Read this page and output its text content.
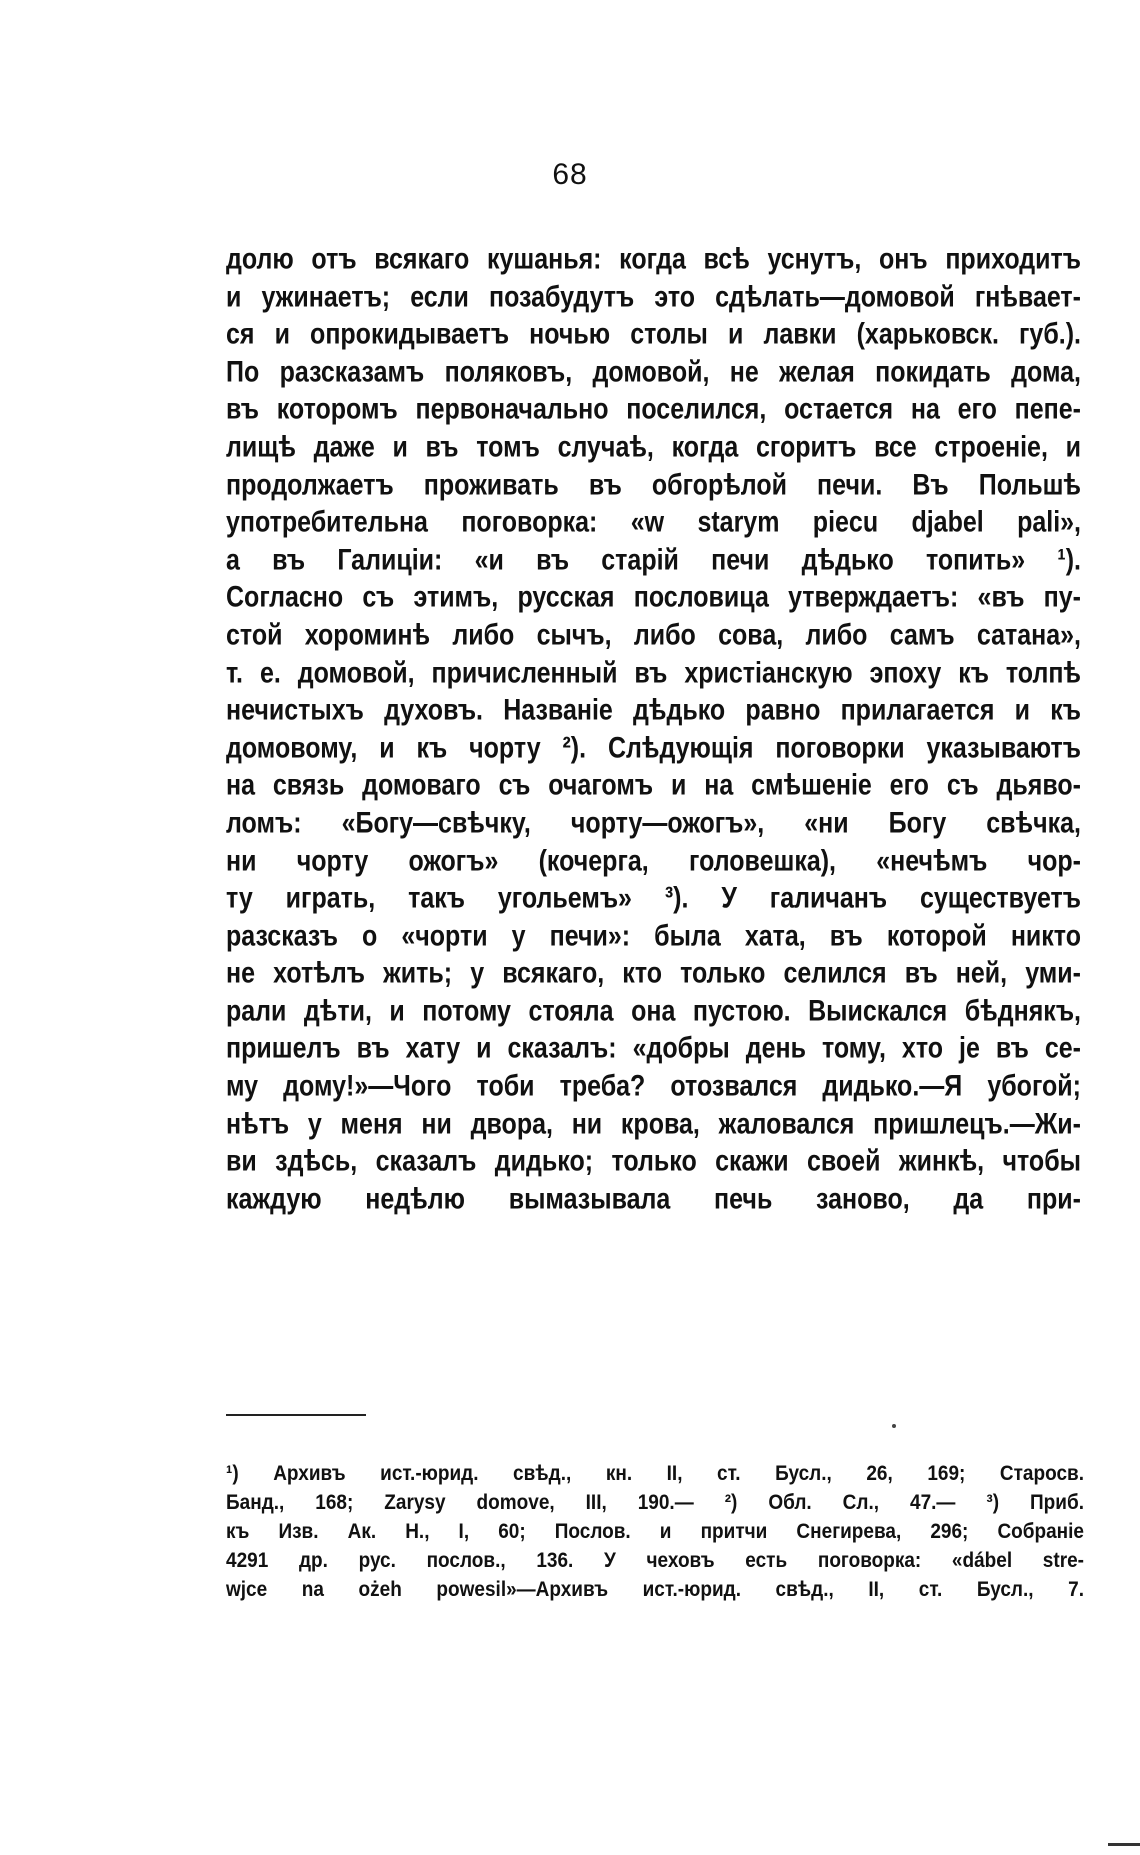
68
долю отъ всякаго кушанья: когда всѣ уснутъ, онъ приходитъ
и ужинаетъ; если позабудутъ это сдѣлать—домовой гнѣвает-
ся и опрокидываетъ ночью столы и лавки (харьковск. губ.).
По разсказамъ поляковъ, домовой, не желая покидать дома,
въ которомъ первоначально поселился, остается на его пепе-
лищѣ даже и въ томъ случаѣ, когда сгоритъ все строеніе, и
продолжаетъ проживать въ обгорѣлой печи. Въ Польшѣ
употребительна поговорка: «w starym piecu djabel pali»,
а въ Галиціи: «и въ старій печи дѣдько топить» ¹).
Согласно съ этимъ, русская пословица утверждаетъ: «въ пу-
стой хороминѣ либо сычъ, либо сова, либо самъ сатана»,
т. е. домовой, причисленный въ христіанскую эпоху къ толпѣ
нечистыхъ духовъ. Названіе дѣдько равно прилагается и къ
домовому, и къ чорту ²). Слѣдующія поговорки указываютъ
на связь домоваго съ очагомъ и на смѣшеніе его съ дьяво-
ломъ: «Богу—свѣчку, чорту—ожогъ», «ни Богу свѣчка,
ни чорту ожогъ» (кочерга, головешка), «нечѣмъ чор-
ту играть, такъ угольемъ» ³). У галичанъ существуетъ
разсказъ о «чорти у печи»: была хата, въ которой никто
не хотѣлъ жить; у всякаго, кто только селился въ ней, уми-
рали дѣти, и потому стояла она пустою. Выискался бѣднякъ,
пришелъ въ хату и сказалъ: «добры день тому, хто je въ се-
му дому!»—Чого тоби треба? отозвался дидько.—Я убогой;
нѣтъ у меня ни двора, ни крова, жаловался пришлецъ.—Жи-
ви здѣсь, сказалъ дидько; только скажи своей жинкѣ, чтобы
каждую недѣлю вымазывала печь заново, да при-
¹) Архивъ ист.-юрид. свѣд., кн. II, ст. Бусл., 26, 169; Старосв.
Банд., 168; Zarysy domove, III, 190.— ²) Обл. Сл., 47.— ³) Приб.
къ Изв. Ак. Н., I, 60; Послов. и притчи Снегирева, 296; Собраніе
4291 др. рус. послов., 136. У чеховъ есть поговорка: «dábel stre-
wjce na ożeh powesil»—Архивъ ист.-юрид. свѣд., II, ст. Бусл., 7.
